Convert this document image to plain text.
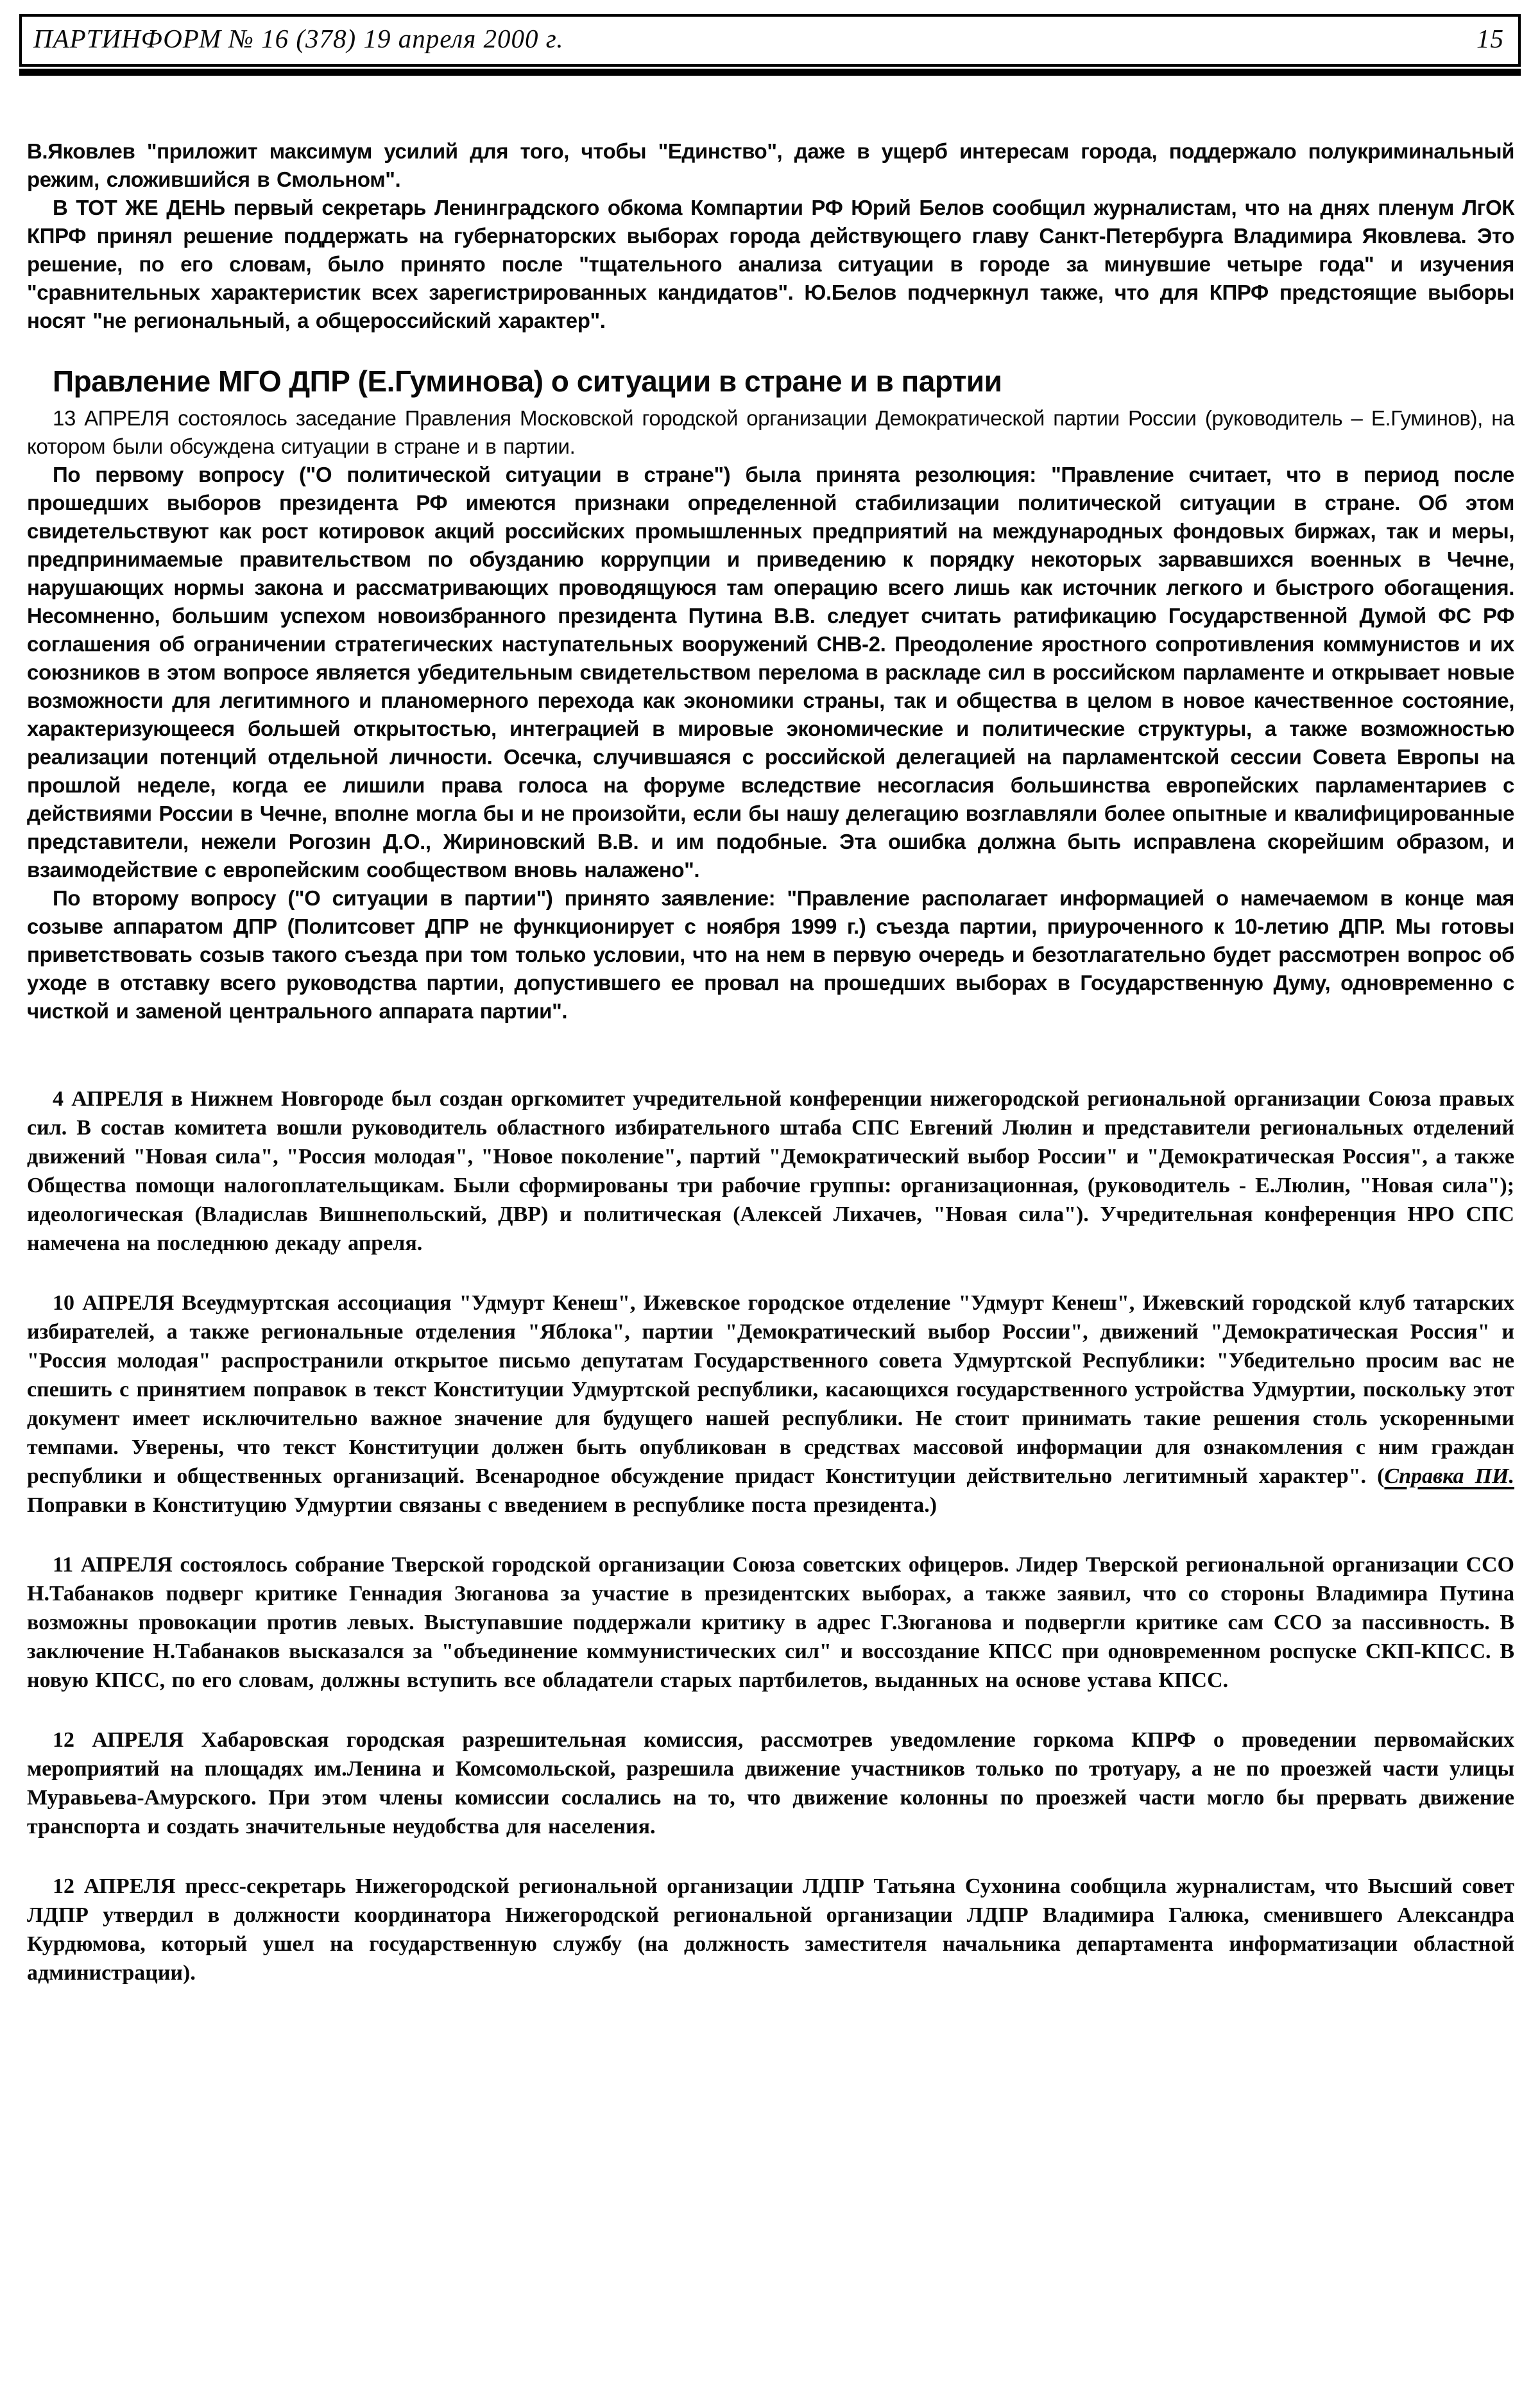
ПАРТИНФОРМ № 16 (378) 19 апреля 2000 г.	15

В.Яковлев "приложит максимум усилий для того, чтобы "Единство", даже в ущерб интересам города, поддержало полукриминальный режим, сложившийся в Смольном".

В ТОТ ЖЕ ДЕНЬ первый секретарь Ленинградского обкома Компартии РФ Юрий Белов сообщил журналистам, что на днях пленум ЛгОК КПРФ принял решение поддержать на губернаторских выборах города действующего главу Санкт-Петербурга Владимира Яковлева. Это решение, по его словам, было принято после "тщательного анализа ситуации в городе за минувшие четыре года" и изучения "сравнительных характеристик всех зарегистрированных кандидатов". Ю.Белов подчеркнул также, что для КПРФ предстоящие выборы носят "не региональный, а общероссийский характер".

Правление МГО ДПР (Е.Гуминова) о ситуации в стране и в партии

13 АПРЕЛЯ состоялось заседание Правления Московской городской организации Демократической партии России (руководитель – Е.Гуминов), на котором были обсуждена ситуации в стране и в партии.

По первому вопросу ("О политической ситуации в стране") была принята резолюция: "Правление считает, что в период после прошедших выборов президента РФ имеются признаки определенной стабилизации политической ситуации в стране. Об этом свидетельствуют как рост котировок акций российских промышленных предприятий на международных фондовых биржах, так и меры, предпринимаемые правительством по обузданию коррупции и приведению к порядку некоторых зарвавшихся военных в Чечне, нарушающих нормы закона и рассматривающих проводящуюся там операцию всего лишь как источник легкого и быстрого обогащения. Несомненно, большим успехом новоизбранного президента Путина В.В. следует считать ратификацию Государственной Думой ФС РФ соглашения об ограничении стратегических наступательных вооружений СНВ-2. Преодоление яростного сопротивления коммунистов и их союзников в этом вопросе является убедительным свидетельством перелома в раскладе сил в российском парламенте и открывает новые возможности для легитимного и планомерного перехода как экономики страны, так и общества в целом в новое качественное состояние, характеризующееся большей открытостью, интеграцией в мировые экономические и политические структуры, а также возможностью реализации потенций отдельной личности. Осечка, случившаяся с российской делегацией на парламентской сессии Совета Европы на прошлой неделе, когда ее лишили права голоса на форуме вследствие несогласия большинства европейских парламентариев с действиями России в Чечне, вполне могла бы и не произойти, если бы нашу делегацию возглавляли более опытные и квалифицированные представители, нежели Рогозин Д.О., Жириновский В.В. и им подобные. Эта ошибка должна быть исправлена скорейшим образом, и взаимодействие с европейским сообществом вновь налажено".

По второму вопросу ("О ситуации в партии") принято заявление: "Правление располагает информацией о намечаемом в конце мая созыве аппаратом ДПР (Политсовет ДПР не функционирует с ноября 1999 г.) съезда партии, приуроченного к 10-летию ДПР. Мы готовы приветствовать созыв такого съезда при том только условии, что на нем в первую очередь и безотлагательно будет рассмотрен вопрос об уходе в отставку всего руководства партии, допустившего ее провал на прошедших выборах в Государственную Думу, одновременно с чисткой и заменой центрального аппарата партии".

4 АПРЕЛЯ в Нижнем Новгороде был создан оргкомитет учредительной конференции нижегородской региональной организации Союза правых сил. В состав комитета вошли руководитель областного избирательного штаба СПС Евгений Люлин и представители региональных отделений движений "Новая сила", "Россия молодая", "Новое поколение", партий "Демократический выбор России" и "Демократическая Россия", а также Общества помощи налогоплательщикам. Были сформированы три рабочие группы: организационная, (руководитель - Е.Люлин, "Новая сила"); идеологическая (Владислав Вишнепольский, ДВР) и политическая (Алексей Лихачев, "Новая сила"). Учредительная конференция НРО СПС намечена на последнюю декаду апреля.

10 АПРЕЛЯ Всеудмуртская ассоциация "Удмурт Кенеш", Ижевское городское отделение "Удмурт Кенеш", Ижевский городской клуб татарских избирателей, а также региональные отделения "Яблока", партии "Демократический выбор России", движений "Демократическая Россия" и "Россия молодая" распространили открытое письмо депутатам Государственного совета Удмуртской Республики: "Убедительно просим вас не спешить с принятием поправок в текст Конституции Удмуртской республики, касающихся государственного устройства Удмуртии, поскольку этот документ имеет исключительно важное значение для будущего нашей республики. Не стоит принимать такие решения столь ускоренными темпами. Уверены, что текст Конституции должен быть опубликован в средствах массовой информации для ознакомления с ним граждан республики и общественных организаций. Всенародное обсуждение придаст Конституции действительно легитимный характер". (Справка ПИ. Поправки в Конституцию Удмуртии связаны с введением в республике поста президента.)

11 АПРЕЛЯ состоялось собрание Тверской городской организации Союза советских офицеров. Лидер Тверской региональной организации ССО Н.Табанаков подверг критике Геннадия Зюганова за участие в президентских выборах, а также заявил, что со стороны Владимира Путина возможны провокации против левых. Выступавшие поддержали критику в адрес Г.Зюганова и подвергли критике сам ССО за пассивность. В заключение Н.Табанаков высказался за "объединение коммунистических сил" и воссоздание КПСС при одновременном роспуске СКП-КПСС. В новую КПСС, по его словам, должны вступить все обладатели старых партбилетов, выданных на основе устава КПСС.

12 АПРЕЛЯ Хабаровская городская разрешительная комиссия, рассмотрев уведомление горкома КПРФ о проведении первомайских мероприятий на площадях им.Ленина и Комсомольской, разрешила движение участников только по тротуару, а не по проезжей части улицы Муравьева-Амурского. При этом члены комиссии сослались на то, что движение колонны по проезжей части могло бы прервать движение транспорта и создать значительные неудобства для населения.

12 АПРЕЛЯ пресс-секретарь Нижегородской региональной организации ЛДПР Татьяна Сухонина сообщила журналистам, что Высший совет ЛДПР утвердил в должности координатора Нижегородской региональной организации ЛДПР Владимира Галюка, сменившего Александра Курдюмова, который ушел на государственную службу (на должность заместителя начальника департамента информатизации областной администрации).
